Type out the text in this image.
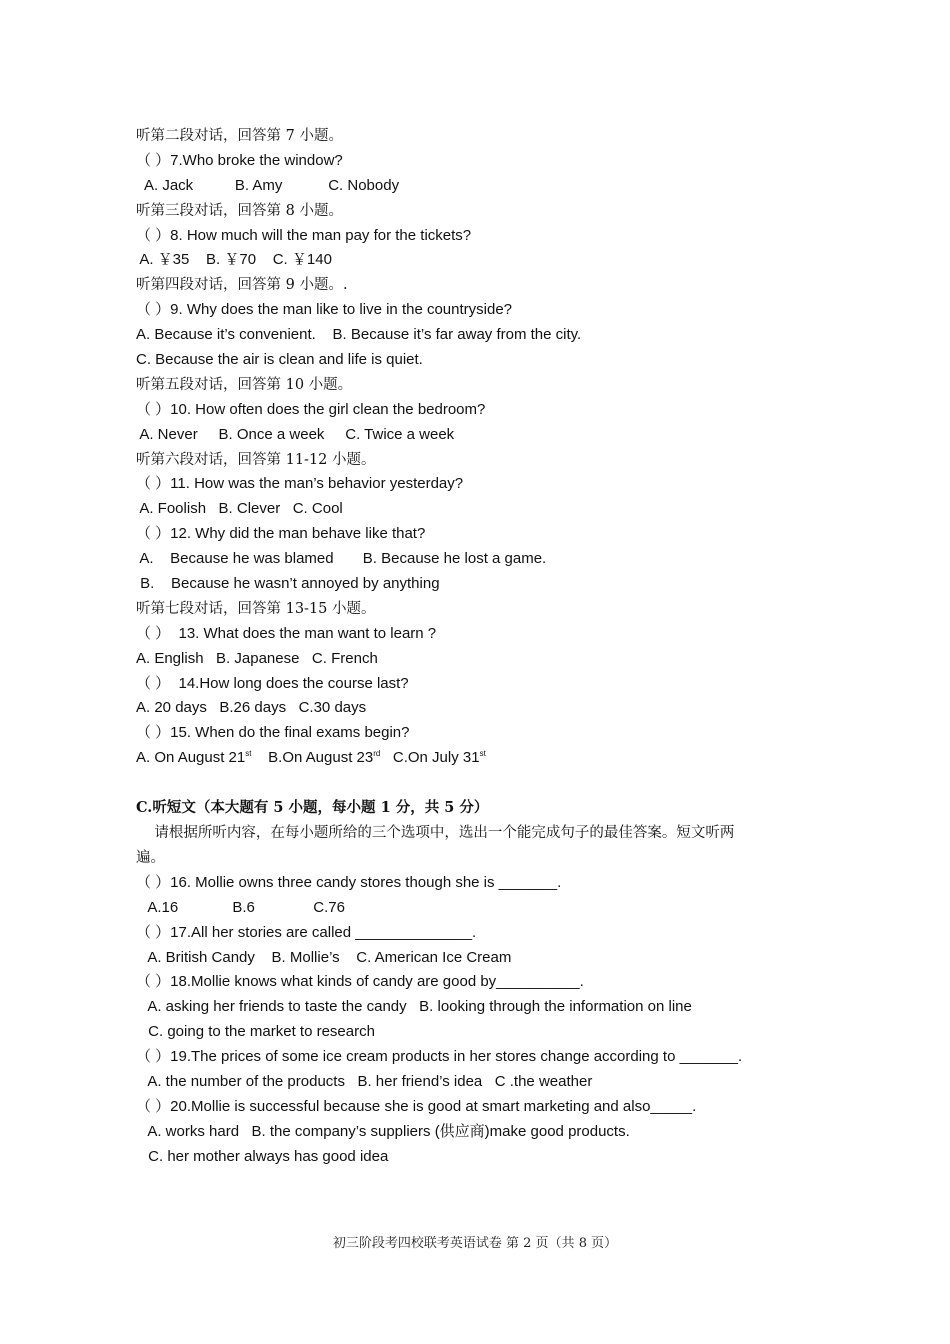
听第二段对话，回答第 7 小题。
（ ）7.Who broke the window?
A. Jack          B. Amy           C. Nobody
听第三段对话，回答第 8 小题。
（ ）8. How much will the man pay for the tickets?
A. ￥35    B. ￥70    C. ￥140
听第四段对话，回答第 9 小题。.
（ ）9. Why does the man like to live in the countryside?
A. Because it’s convenient.    B. Because it’s far away from the city.
C. Because the air is clean and life is quiet.
听第五段对话，回答第 10 小题。
（ ）10. How often does the girl clean the bedroom?
A. Never     B. Once a week     C. Twice a week
听第六段对话，回答第 11-12 小题。
（ ）11. How was the man’s behavior yesterday?
A. Foolish   B. Clever   C. Cool
（ ）12. Why did the man behave like that?
A.    Because he was blamed       B. Because he lost a game.
B.    Because he wasn’t annoyed by anything
听第七段对话，回答第 13-15 小题。
（ ）  13. What does the man want to learn ?
A. English   B. Japanese   C. French
（ ）  14.How long does the course last?
A. 20 days   B.26 days   C.30 days
（ ）15. When do the final exams begin?
A. On August 21st    B.On August 23rd   C.On July 31st
C.听短文（本大题有 5 小题，每小题 1 分，共 5 分）
请根据所听内容，在每小题所给的三个选项中，选出一个能完成句子的最佳答案。短文听两
遍。
（ ）16. Mollie owns three candy stores though she is _______.
A.16             B.6              C.76
（ ）17.All her stories are called ______________.
A. British Candy    B. Mollie’s    C. American Ice Cream
（ ）18.Mollie knows what kinds of candy are good by__________.
A. asking her friends to taste the candy   B. looking through the information on line
C. going to the market to research
（ ）19.The prices of some ice cream products in her stores change according to _______.
A. the number of the products   B. her friend’s idea   C .the weather
（ ）20.Mollie is successful because she is good at smart marketing and also_____.
A. works hard   B. the company’s suppliers (供应商)make good products.
C. her mother always has good idea
初三阶段考四校联考英语试卷 第 2 页（共 8 页）
